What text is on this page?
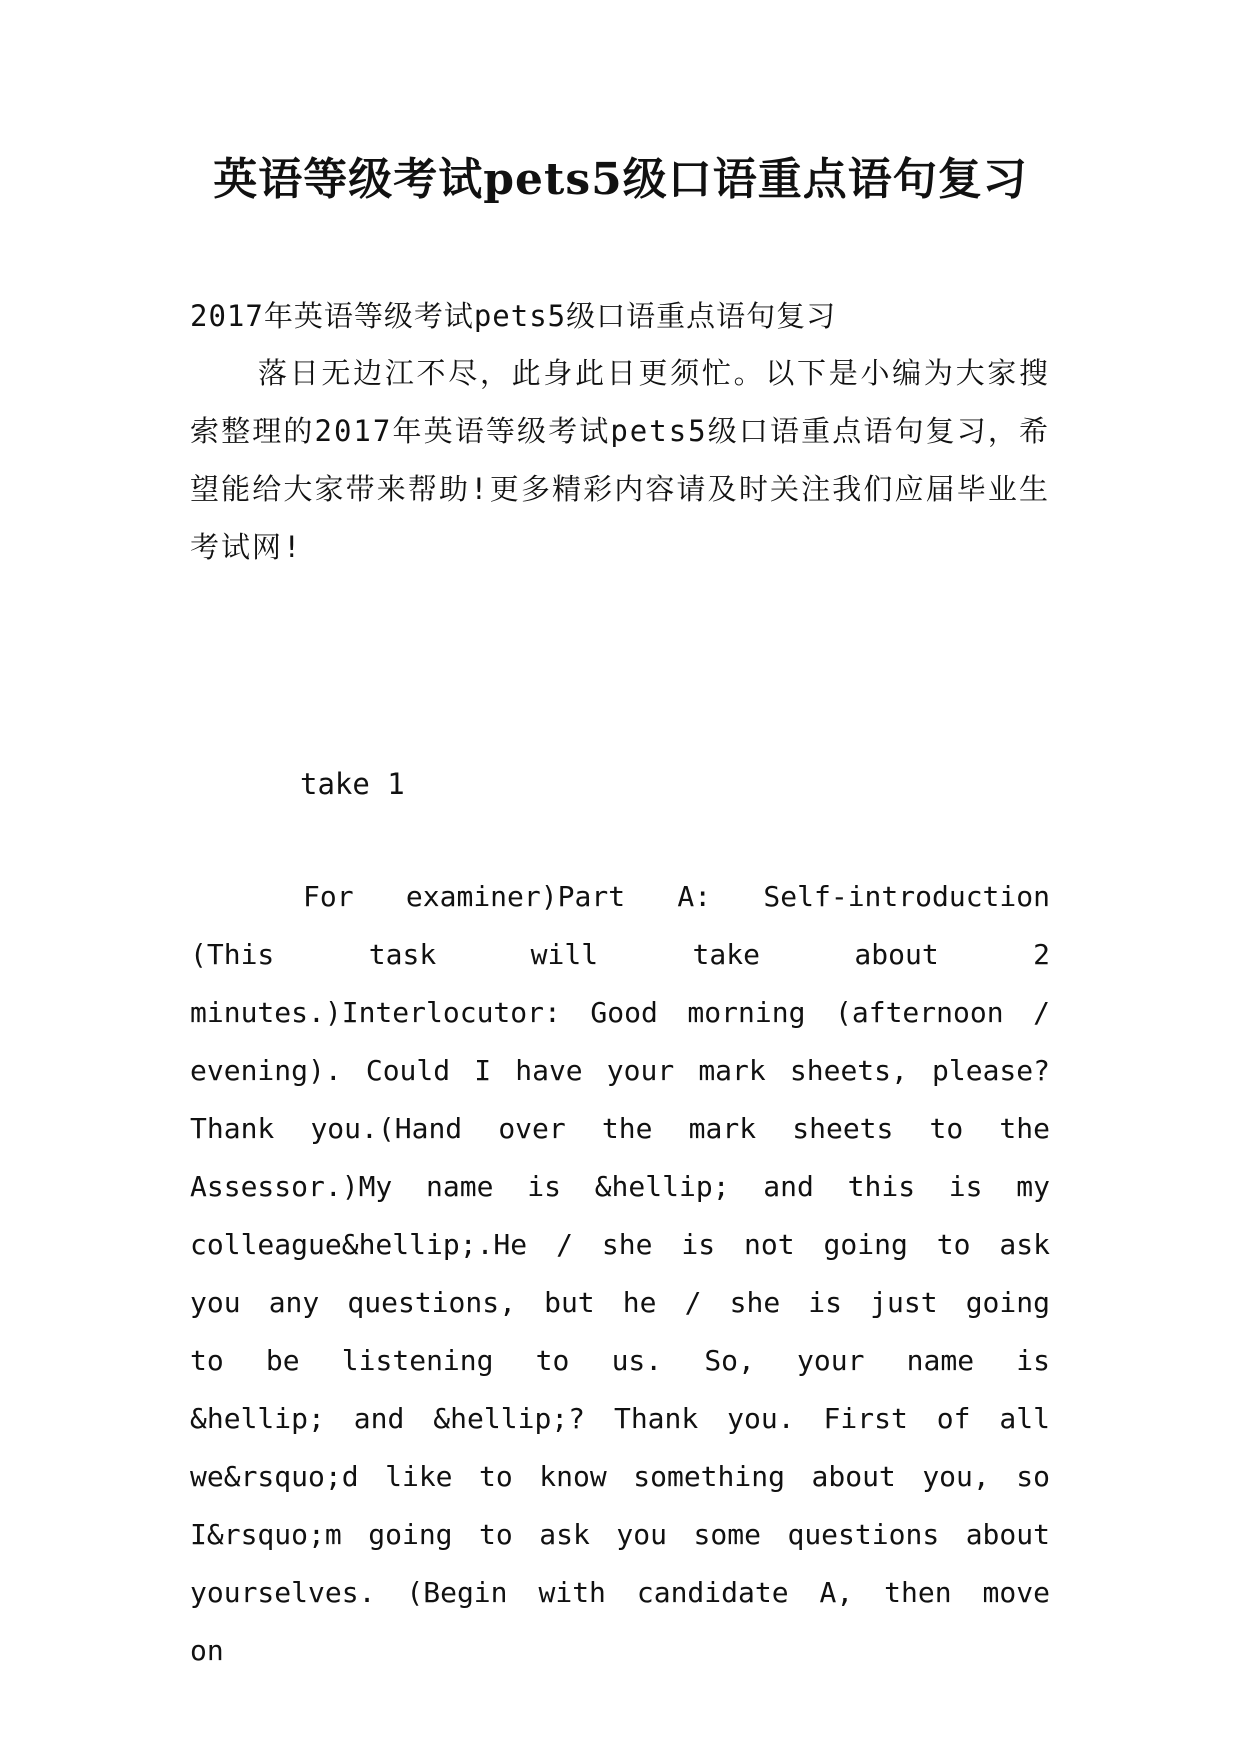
英语等级考试pets5级口语重点语句复习
2017年英语等级考试pets5级口语重点语句复习
落日无边江不尽，此身此日更须忙。以下是小编为大家搜索整理的2017年英语等级考试pets5级口语重点语句复习，希望能给大家带来帮助!更多精彩内容请及时关注我们应届毕业生考试网!
take 1
For examiner)Part A: Self-introduction (This task will take about 2 minutes.)Interlocutor: Good morning (afternoon / evening). Could I have your mark sheets, please? Thank you.(Hand over the mark sheets to the Assessor.)My name is &hellip; and this is my colleague&hellip;.He / she is not going to ask you any questions, but he / she is just going to be listening to us. So, your name is &hellip; and &hellip;? Thank you. First of all we&rsquo;d like to know something about you, so I&rsquo;m going to ask you some questions about yourselves. (Begin with candidate A, then move on
